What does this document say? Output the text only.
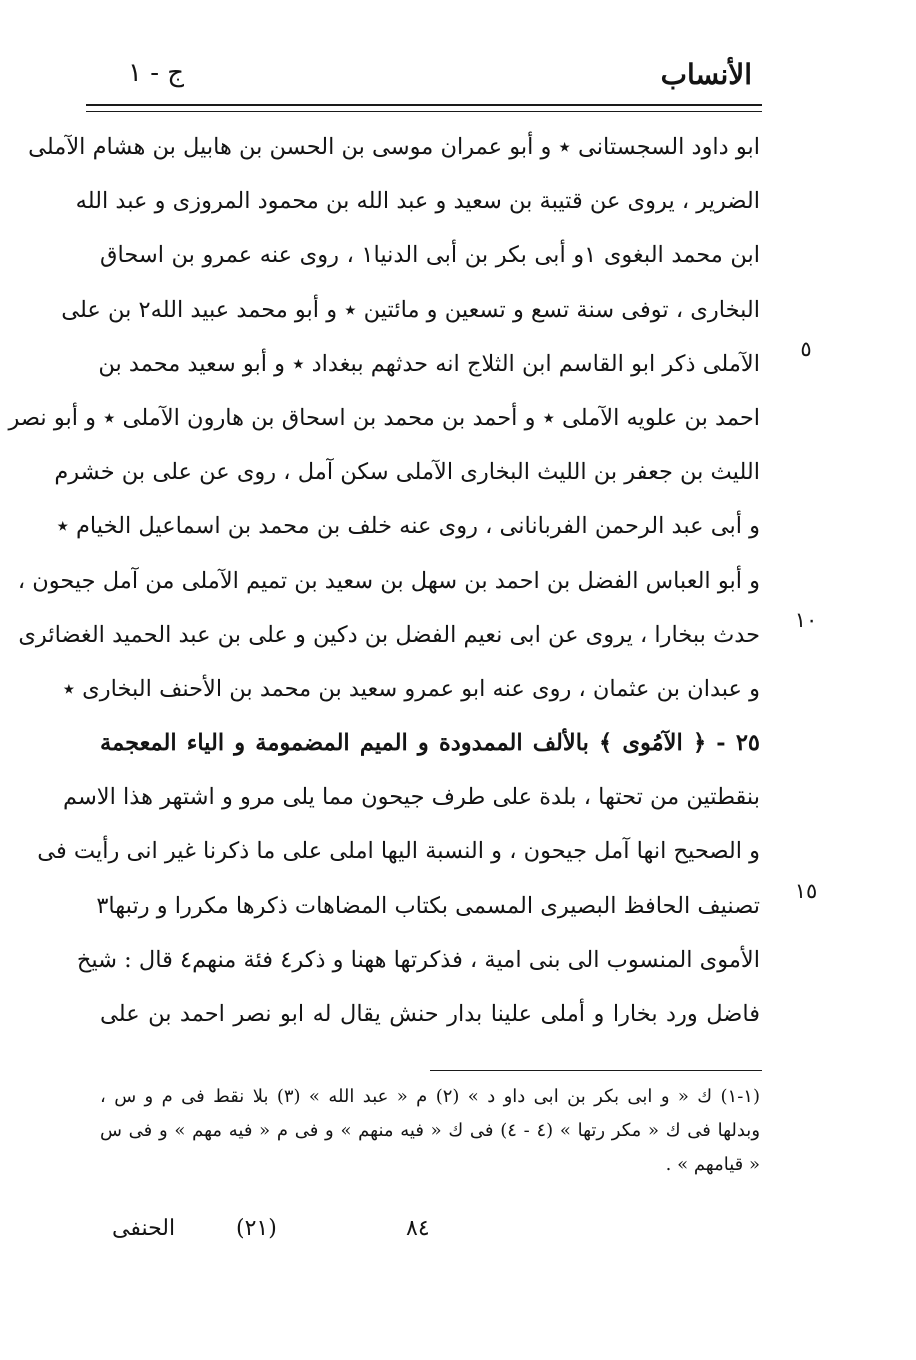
الأنساب
ج - ١
ابو داود السجستانى ٭ و أبو عمران موسى بن الحسن بن هابيل بن هشام الآملى
الضرير ، يروى عن قتيبة بن سعيد و عبد الله بن محمود المروزى و عبد الله
ابن محمد البغوى ١و أبى بكر بن أبى الدنيا١ ، روى عنه عمرو بن اسحاق
البخارى ، توفى سنة تسع و تسعين و مائتين ٭ و أبو محمد عبيد الله٢ بن على
الآملى ذكر ابو القاسم ابن الثلاج انه حدثهم ببغداد ٭ و أبو سعيد محمد بن
احمد بن علويه الآملى ٭ و أحمد بن محمد بن اسحاق بن هارون الآملى ٭ و أبو نصر
الليث بن جعفر بن الليث البخارى الآملى سكن آمل ، روى عن على بن خشرم
و أبى عبد الرحمن الفربانانى ، روى عنه خلف بن محمد بن اسماعيل الخيام ٭
و أبو العباس الفضل بن احمد بن سهل بن سعيد بن تميم الآملى من آمل جيحون ،
حدث ببخارا ، يروى عن ابى نعيم الفضل بن دكين و على بن عبد الحميد الغضائرى
و عبدان بن عثمان ، روى عنه ابو عمرو سعيد بن محمد بن الأحنف البخارى ٭
٢٥ - ﴿ الآمُوى ﴾ بالألف الممدودة و الميم المضمومة و الياء المعجمة
بنقطتين من تحتها ، بلدة على طرف جيحون مما يلى مرو و اشتهر هذا الاسم
و الصحيح انها آمل جيحون ، و النسبة اليها املى على ما ذكرنا غير انى رأيت فى
تصنيف الحافظ البصيرى المسمى بكتاب المضاهات ذكرها مكررا و رتبها٣
الأموى المنسوب الى بنى امية ، فذكرتها ههنا و ذكر٤ فئة منهم٤ قال : شيخ
فاضل ورد بخارا و أملى علينا بدار حنش يقال له ابو نصر احمد بن على
٥
١٠
١٥
(١-١) ك « و ابى بكر بن ابى داو د » (٢) م « عبد الله » (٣) بلا نقط فى م و س ،
وبدلها فى ك « مكر رتها » (٤ - ٤) فى ك « فيه منهم » و فى م « فيه مهم » و فى س
« قيامهم » .
٨٤
(٢١)
الحنفى
